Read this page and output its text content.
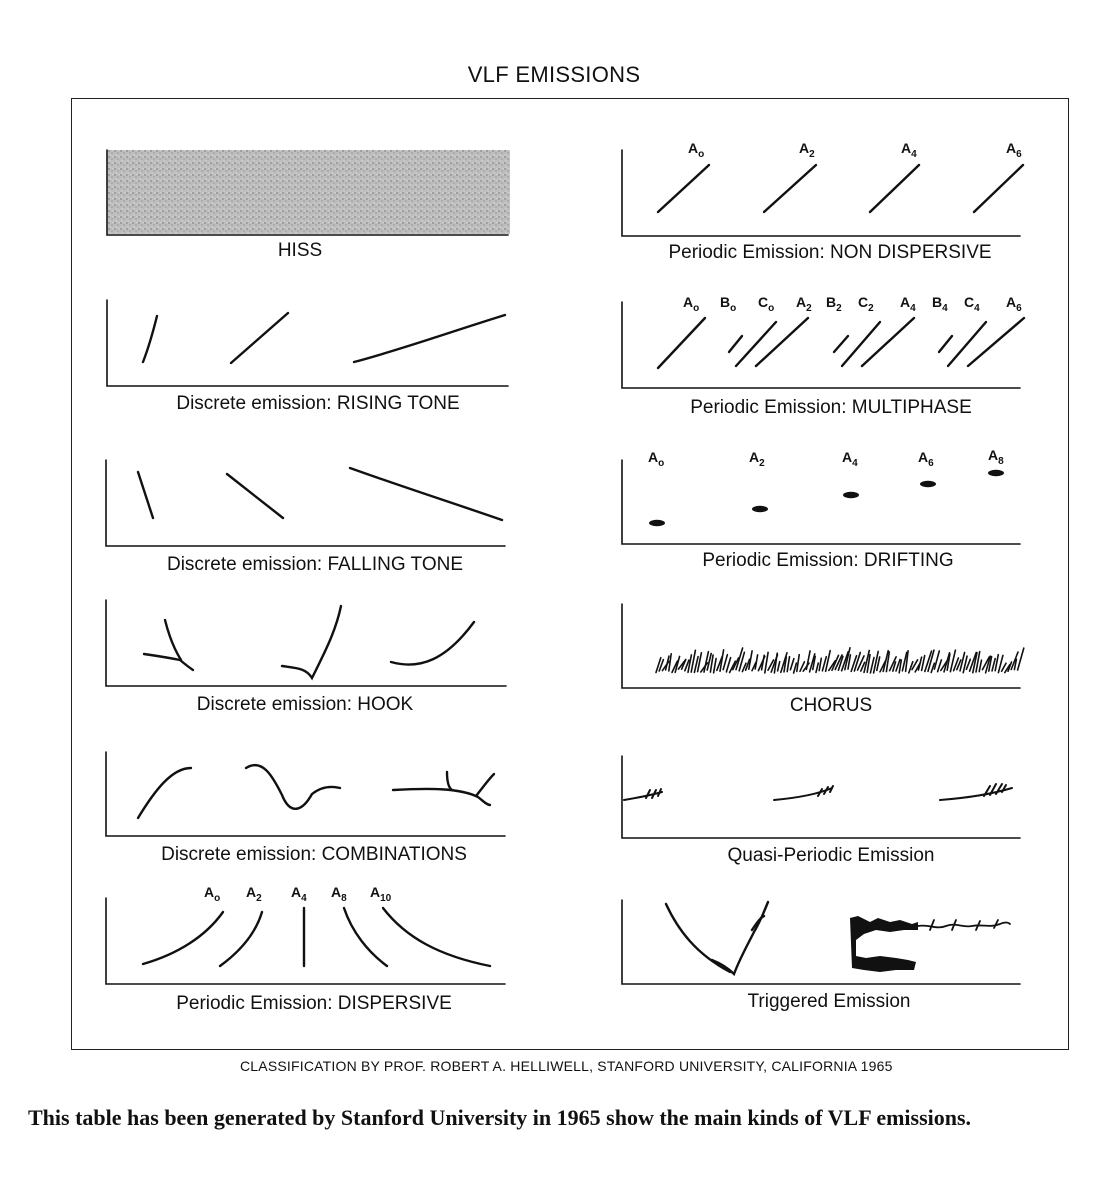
VLF EMISSIONS
HISS
Discrete emission: RISING TONE
Discrete emission: FALLING TONE
Discrete emission: HOOK
Discrete emission: COMBINATIONS
Periodic Emission: DISPERSIVE
Periodic Emission: NON DISPERSIVE
Periodic Emission: MULTIPHASE
Periodic Emission: DRIFTING
CHORUS
Quasi-Periodic Emission
Triggered Emission
$A_o$	$A_2$	$A_4$	$A_6$
$A_o$ $B_o$ $C_o$ $A_2$ $B_2$ $C_2$ $A_4$ $B_4$ $C_4$ $A_6$
$A_o$	$A_2$	$A_4$	$A_6$
$A_8$
$A_o$ $A_2$ $A_4$ $A_8$ $A_{10}$
CLASSIFICATION BY PROF. ROBERT A. HELLIWELL, STANFORD UNIVERSITY, CALIFORNIA 1965
This table has been generated by Stanford University in 1965 show the main kinds of VLF emissions.
